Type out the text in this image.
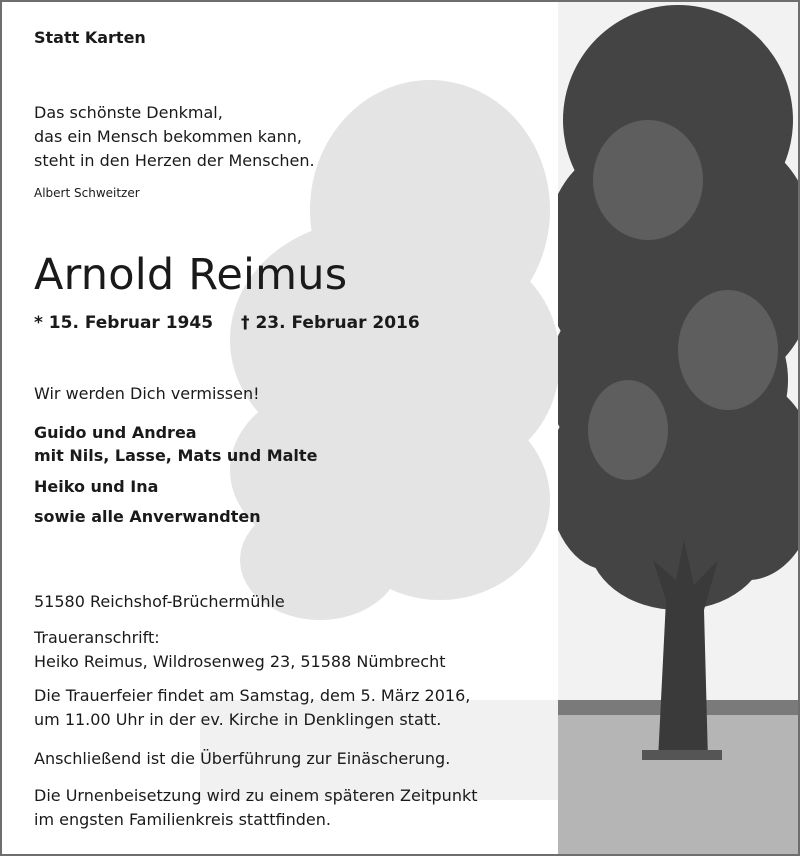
Statt Karten
Das schönste Denkmal,
das ein Mensch bekommen kann,
steht in den Herzen der Menschen.
Albert Schweitzer
Arnold Reimus
* 15. Februar 1945 † 23. Februar 2016
Wir werden Dich vermissen!
Guido und Andrea
mit Nils, Lasse, Mats und Malte
Heiko und Ina
sowie alle Anverwandten
51580 Reichshof-Brüchermühle
Traueranschrift:
Heiko Reimus, Wildrosenweg 23, 51588 Nümbrecht
Die Trauerfeier findet am Samstag, dem 5. März 2016,
um 11.00 Uhr in der ev. Kirche in Denklingen statt.
Anschließend ist die Überführung zur Einäscherung.
Die Urnenbeisetzung wird zu einem späteren Zeitpunkt
im engsten Familienkreis stattfinden.
